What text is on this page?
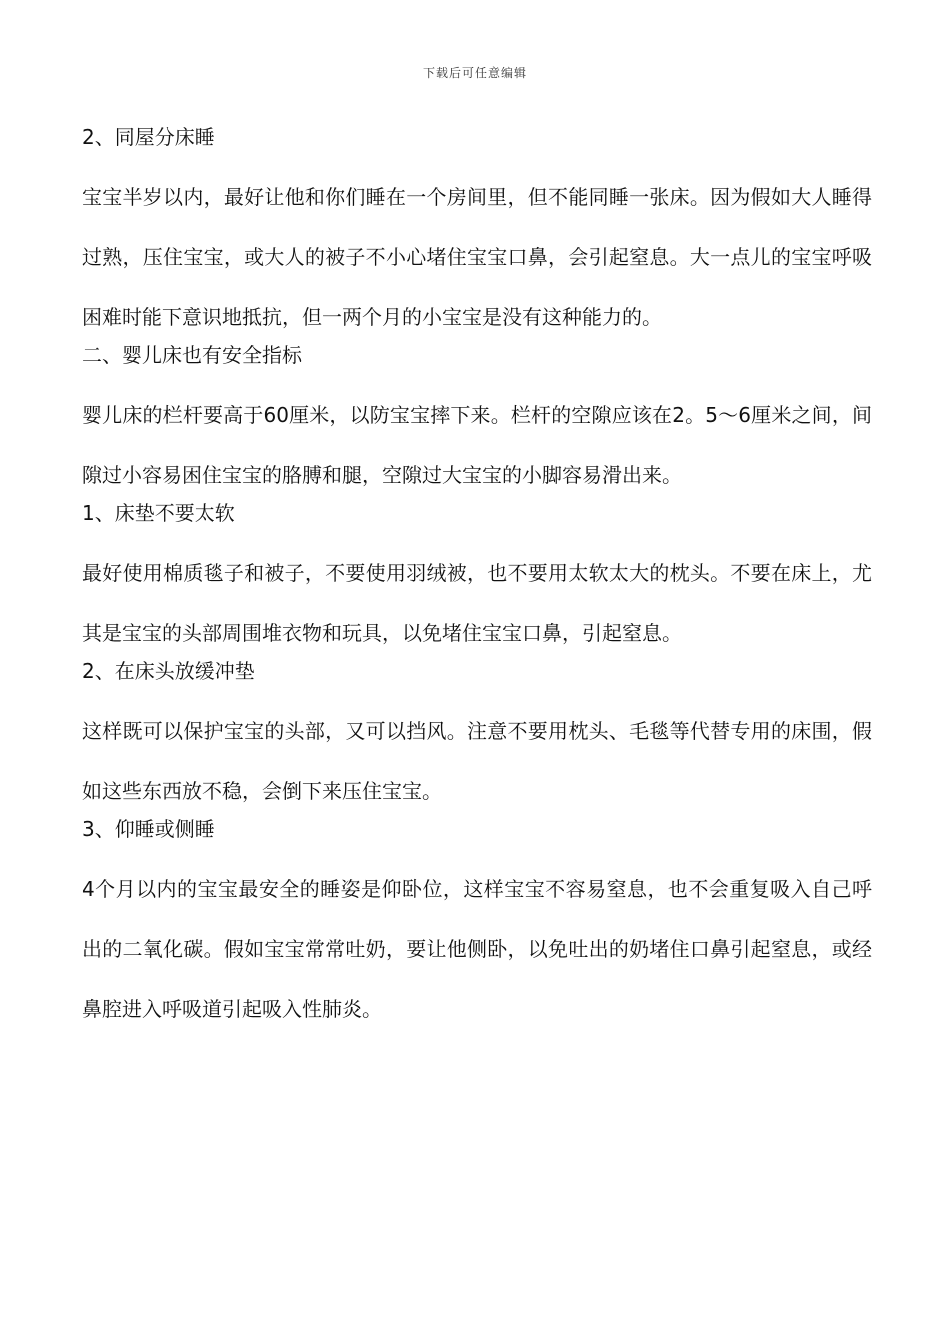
下载后可任意编辑
2、同屋分床睡

宝宝半岁以内，最好让他和你们睡在一个房间里，但不能同睡一张床。因为假如大人睡得过熟，压住宝宝，或大人的被子不小心堵住宝宝口鼻，会引起窒息。大一点儿的宝宝呼吸困难时能下意识地抵抗，但一两个月的小宝宝是没有这种能力的。

二、婴儿床也有安全指标

婴儿床的栏杆要高于60厘米，以防宝宝摔下来。栏杆的空隙应该在2。5～6厘米之间，间隙过小容易困住宝宝的胳膊和腿，空隙过大宝宝的小脚容易滑出来。

1、床垫不要太软

最好使用棉质毯子和被子，不要使用羽绒被，也不要用太软太大的枕头。不要在床上，尤其是宝宝的头部周围堆衣物和玩具，以免堵住宝宝口鼻，引起窒息。

2、在床头放缓冲垫

这样既可以保护宝宝的头部，又可以挡风。注意不要用枕头、毛毯等代替专用的床围，假如这些东西放不稳，会倒下来压住宝宝。

3、仰睡或侧睡

4个月以内的宝宝最安全的睡姿是仰卧位，这样宝宝不容易窒息，也不会重复吸入自己呼出的二氧化碳。假如宝宝常常吐奶，要让他侧卧，以免吐出的奶堵住口鼻引起窒息，或经鼻腔进入呼吸道引起吸入性肺炎。
